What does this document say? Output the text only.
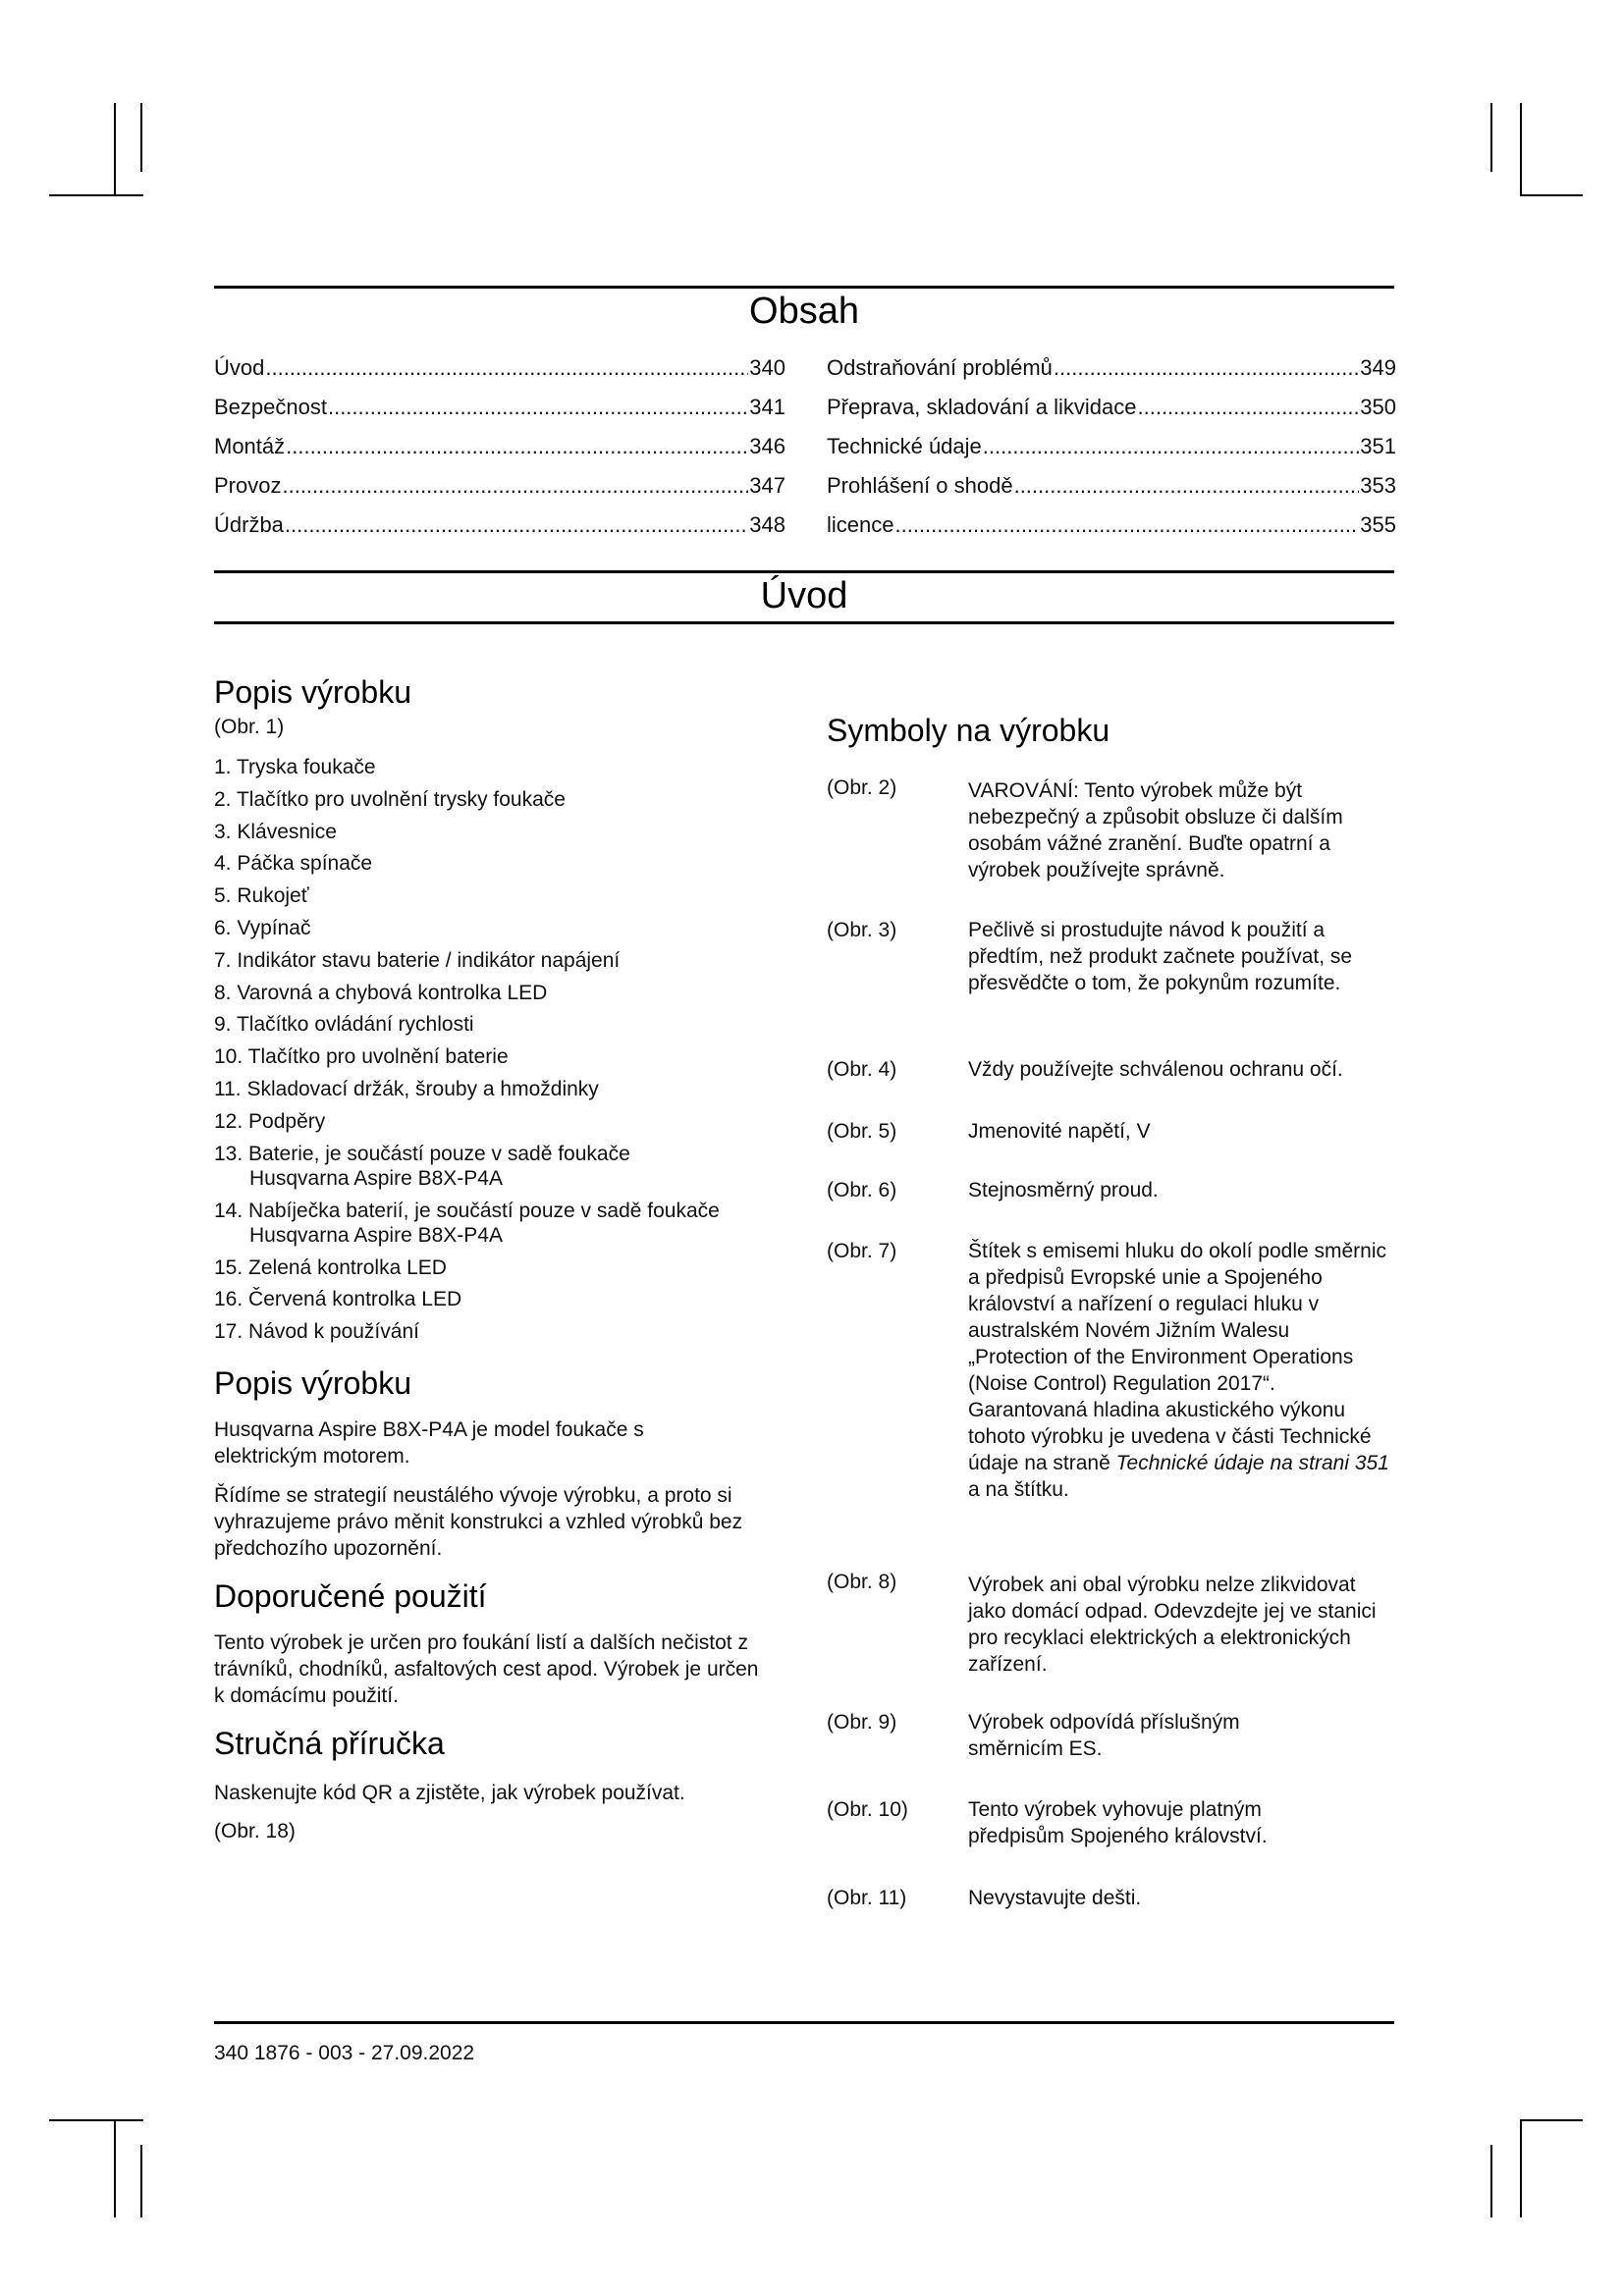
Obsah
Úvod .....	340
Bezpečnost .....	341
Montáž .....	346
Provoz .....	347
Údržba .....	348
Odstraňování problémů .....	349
Přeprava, skladování a likvidace .....	350
Technické údaje .....	351
Prohlášení o shodě .....	353
licence .....	355
Úvod
Popis výrobku
(Obr. 1)
1. Tryska foukače
2. Tlačítko pro uvolnění trysky foukače
3. Klávesnice
4. Páčka spínače
5. Rukojeť
6. Vypínač
7. Indikátor stavu baterie / indikátor napájení
8. Varovná a chybová kontrolka LED
9. Tlačítko ovládání rychlosti
10. Tlačítko pro uvolnění baterie
11. Skladovací držák, šrouby a hmoždinky
12. Podpěry
13. Baterie, je součástí pouze v sadě foukače
Husqvarna Aspire B8X-P4A
14. Nabíječka baterií, je součástí pouze v sadě foukače
Husqvarna Aspire B8X-P4A
15. Zelená kontrolka LED
16. Červená kontrolka LED
17. Návod k používání
Popis výrobku
Husqvarna Aspire B8X-P4A je model foukače s elektrickým motorem.
Řídíme se strategií neustálého vývoje výrobku, a proto si vyhrazujeme právo měnit konstrukci a vzhled výrobků bez předchozího upozornění.
Doporučené použití
Tento výrobek je určen pro foukání listí a dalších nečistot z trávníků, chodníků, asfaltových cest apod. Výrobek je určen k domácímu použití.
Stručná příručka
Naskenujte kód QR a zjistěte, jak výrobek používat.
(Obr. 18)
Symboly na výrobku
(Obr. 2)	VAROVÁNÍ: Tento výrobek může být nebezpečný a způsobit obsluze či dalším osobám vážné zranění. Buďte opatrní a výrobek používejte správně.
(Obr. 3)	Pečlivě si prostudujte návod k použití a předtím, než produkt začnete používat, se přesvědčte o tom, že pokynům rozumíte.
(Obr. 4)	Vždy používejte schválenou ochranu očí.
(Obr. 5)	Jmenovité napětí, V
(Obr. 6)	Stejnosměrný proud.
(Obr. 7)	Štítek s emisemi hluku do okolí podle směrnic a předpisů Evropské unie a Spojeného království a nařízení o regulaci hluku v australském Novém Jižním Walesu „Protection of the Environment Operations (Noise Control) Regulation 2017“. Garantovaná hladina akustického výkonu tohoto výrobku je uvedena v části Technické údaje na straně Technické údaje na strani 351 a na štítku.
(Obr. 8)	Výrobek ani obal výrobku nelze zlikvidovat jako domácí odpad. Odevzdejte jej ve stanici pro recyklaci elektrických a elektronických zařízení.
(Obr. 9)	Výrobek odpovídá příslušným směrnicím ES.
(Obr. 10)	Tento výrobek vyhovuje platným předpisům Spojeného království.
(Obr. 11)	Nevystavujte dešti.
340 1876 - 003 - 27.09.2022
